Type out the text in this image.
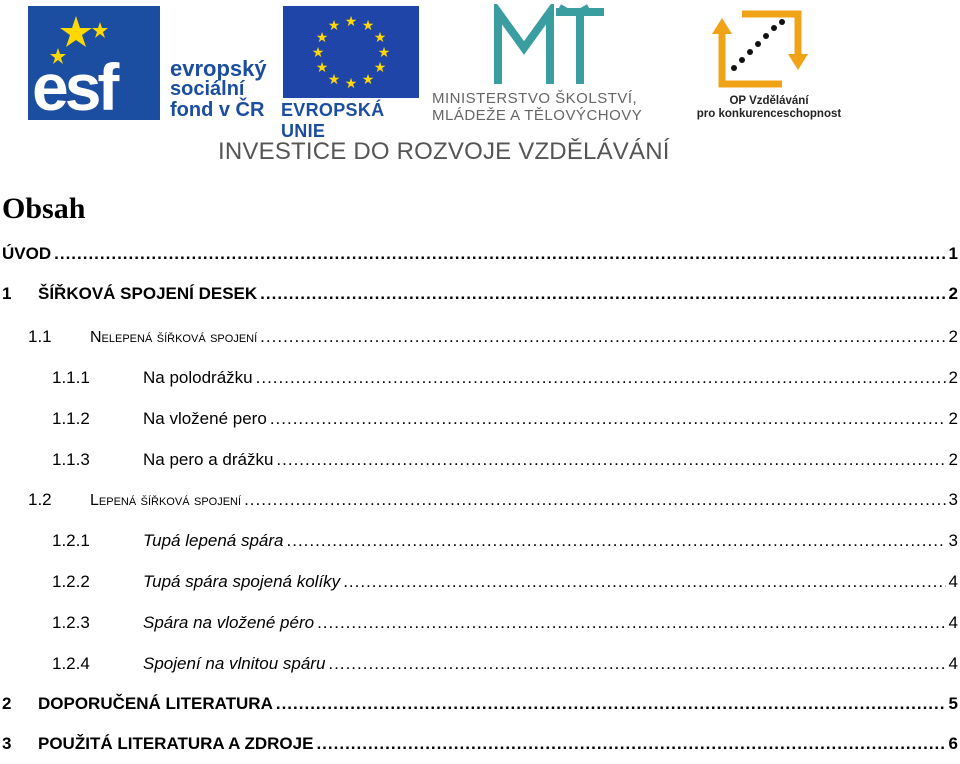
esf evropský
sociální
fond v ČR
★ ★
★
★
★
★
★
★
★
★
★
★
EVROPSKÁ UNIE
MINISTERSTVO ŠKOLSTVÍ,
MLÁDEŽE A TĚLOVÝCHOVY
OP Vzdělávání
pro konkurenceschopnost
INVESTICE DO ROZVOJE VZDĚLÁVÁNÍ
Obsah
ÚVOD .....	1
1	ŠÍŘKOVÁ SPOJENÍ DESEK .....	2
1.1	Nelepená šířková spojení .....	2
1.1.1	Na polodrážku .....	2
1.1.2	Na vložené pero .....	2
1.1.3	Na pero a drážku .....	2
1.2	Lepená šířková spojení .....	3
1.2.1	Tupá lepená spára .....	3
1.2.2	Tupá spára spojená kolíky .....	4
1.2.3	Spára na vložené péro .....	4
1.2.4	Spojení na vlnitou spáru .....	4
2	DOPORUČENÁ LITERATURA .....	5
3	POUŽITÁ LITERATURA A ZDROJE .....	6
